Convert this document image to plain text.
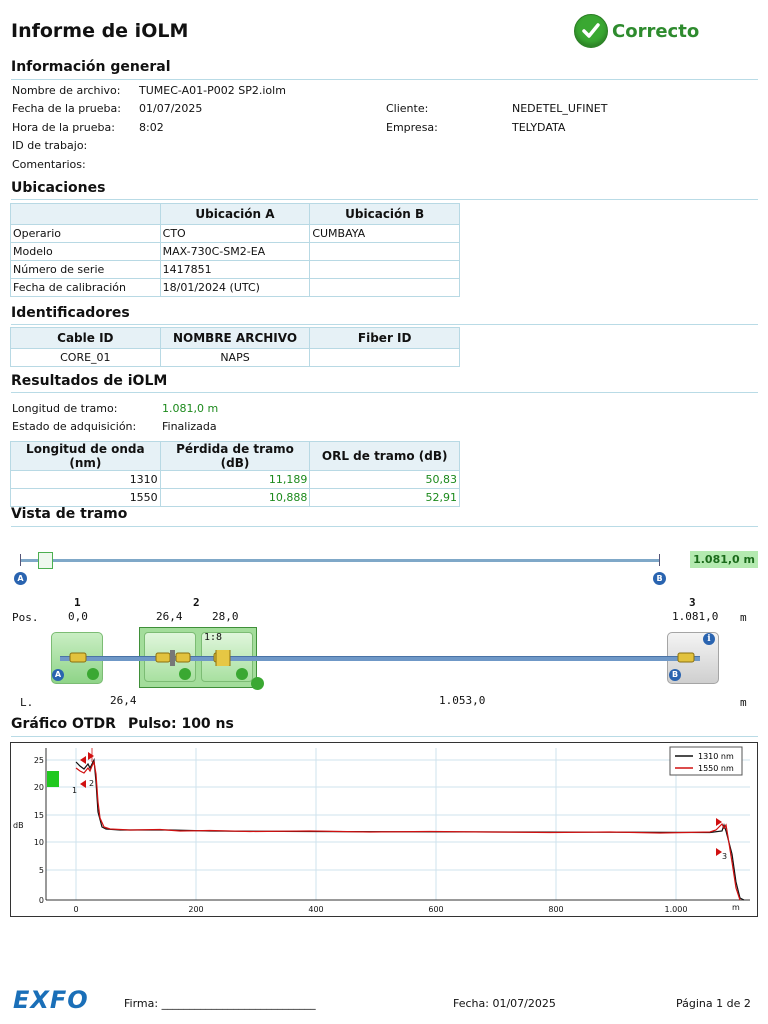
Informe de iOLM	Correcto
Información general
Nombre de archivo: TUMEC-A01-P002 SP2.iolm
Fecha de la prueba: 01/07/2025
Hora de la prueba: 8:02
ID de trabajo:
Comentarios:
Cliente:	NEDETEL_UFINET
Empresa:	TELYDATA
Ubicaciones
	Ubicación A	Ubicación B
Operario	CTO	CUMBAYA
Modelo	MAX-730C-SM2-EA	
Número de serie	1417851	
Fecha de calibración	18/01/2024 (UTC)	
Identificadores
Cable ID	NOMBRE ARCHIVO	Fiber ID
CORE_01	NAPS	
Resultados de iOLM
Longitud de tramo:	1.081,0 m
Estado de adquisición: Finalizada
Longitud de onda (nm)	Pérdida de tramo (dB)	ORL de tramo (dB)
1310	11,189	50,83
1550	10,888	52,91
Vista de tramo
1.081,0 m
A	B
1	2	3
Pos.	0,0	26,4	28,0	1.081,0 m
1:8
A	B
i
L.	26,4	1.053,0	m
Gráfico OTDR Pulso: 100 ns
25
20
15
10
5
0
dB
0	200	400	600	800	1.000	m
1
2
3
1310 nm
1550 nm
EXFO	Firma: ____________________________	Fecha: 01/07/2025	Página 1 de 2
